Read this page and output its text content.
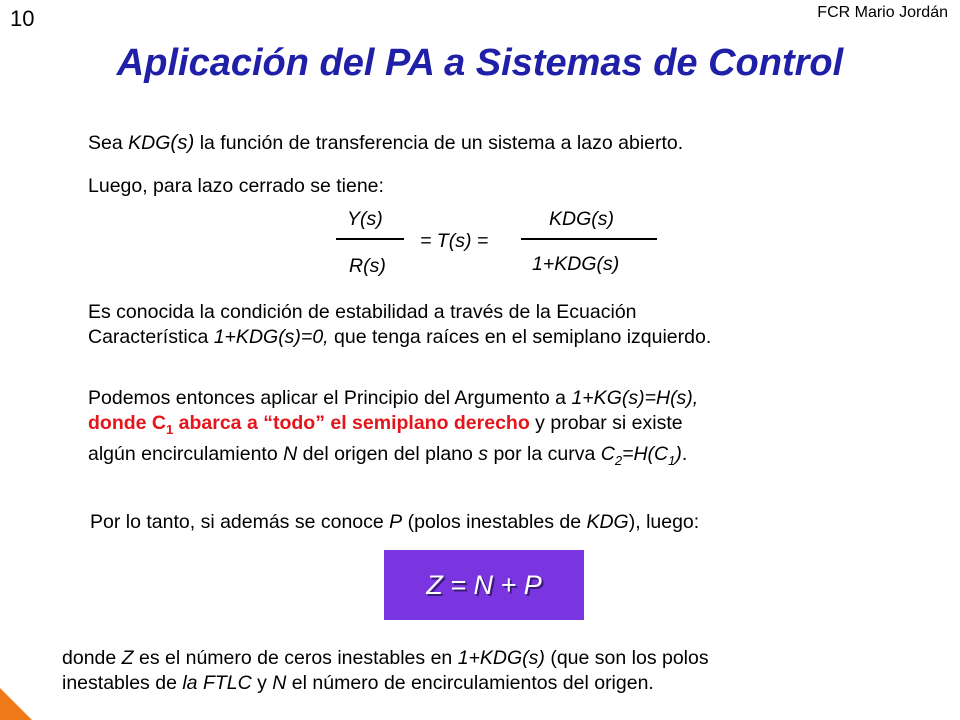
10	FCR Mario Jordán
Aplicación del PA a Sistemas de Control
Sea KDG(s) la función de transferencia de un sistema a lazo abierto.
Luego, para lazo cerrado se tiene:
Y(s)
R(s)
= T(s) =
KDG(s)
1+KDG(s)
Es conocida la condición de estabilidad a través de la Ecuación
Característica 1+KDG(s)=0, que tenga raíces en el semiplano izquierdo.
Podemos entonces aplicar el Principio del Argumento a 1+KG(s)=H(s),
donde $C_1$ abarca a “todo” el semiplano derecho y probar si existe
algún encirculamiento N del origen del plano s por la curva $C_2=H(C_1)$.
Por lo tanto, si además se conoce P (polos inestables de KDG), luego:
Z = N + P
donde Z es el número de ceros inestables en 1+KDG(s) (que son los polos
inestables de la FTLC y N el número de encirculamientos del origen.
